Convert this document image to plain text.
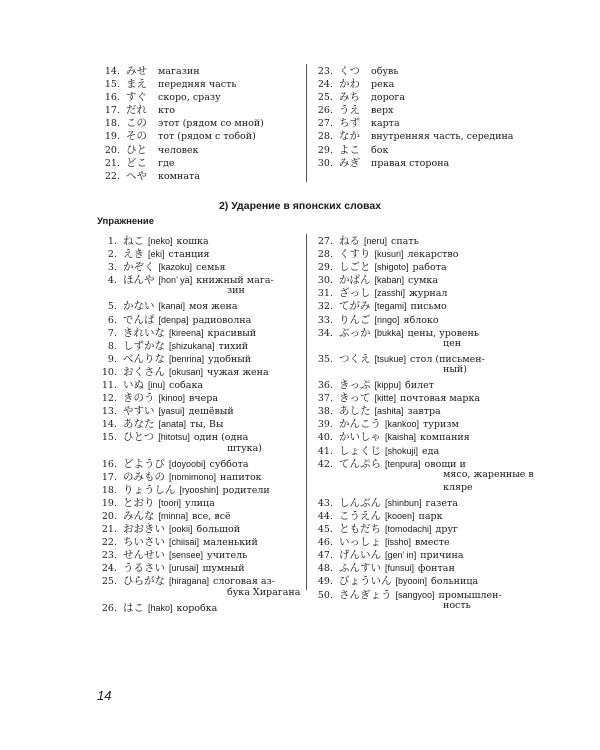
14. みせ магазин
15. まえ передняя часть
16. すぐ скоро, сразу
17. だれ кто
18. この этот (рядом со мной)
19. その тот (рядом с тобой)
20. ひと человек
21. どこ где
22. へや комната
23. くつ обувь
24. かわ река
25. みち дорога
26. うえ верх
27. ちず карта
28. なか внутренняя часть, середина
29. よこ бок
30. みぎ правая сторона
2) Ударение в японских словах
Упражнение
1. ねこ [neko] кошка
2. えき [eki] станция
3. かぞく [kazoku] семья
4. ほんや [hon’ ya] книжный мага-
зин
5. かない [kanai] моя жена
6. でんぱ [denpa] радиоволна
7. きれいな [kireena] красивый
8. しずかな [shizukana] тихий
9. べんりな [benrina] удобный
10. おくさん [okusan] чужая жена
11. いぬ [inu] собака
12. きのう [kinoo] вчера
13. やすい [yasui] дешёвый
14. あなた [anata] ты, Вы
15. ひとつ [hitotsu] один (одна
штука)
16. どようび [doyoobi] суббота
17. のみもの [nomimono] напиток
18. りょうしん [ryooshin] родители
19. とおり [toori] улица
20. みんな [minna] все, всё
21. おおきい [ookii] большой
22. ちいさい [chiisai] маленький
23. せんせい [sensee] учитель
24. うるさい [urusai] шумный
25. ひらがな [hiragana] слоговая аз-
бука Хирагана
26. はこ [hako] коробка
27. ねる [neru] спать
28. くすり [kusuri] лекарство
29. しごと [shigoto] работа
30. かばん [kaban] сумка
31. ざっし [zasshi] журнал
32. てがみ [tegami] письмо
33. りんご [ringo] яблоко
34. ぶっか [bukka] цены, уровень
цен
35. つくえ [tsukue] стол (письмен-
ный)
36. きっぷ [kippu] билет
37. きって [kitte] почтовая марка
38. あした [ashita] завтра
39. かんこう [kankoo] туризм
40. かいしゃ [kaisha] компания
41. しょくじ [shokuji] еда
42. てんぷら [tenpura] овощи и
мясо, жаренные в
кляре
43. しんぶん [shinbun] газета
44. こうえん [kooen] парк
45. ともだち [tomodachi] друг
46. いっしょ [issho] вместе
47. げんいん [gen’ in] причина
48. ふんすい [funsui] фонтан
49. びょういん [byooin] больница
50. さんぎょう [sangyoo] промышлен-
ность
14
